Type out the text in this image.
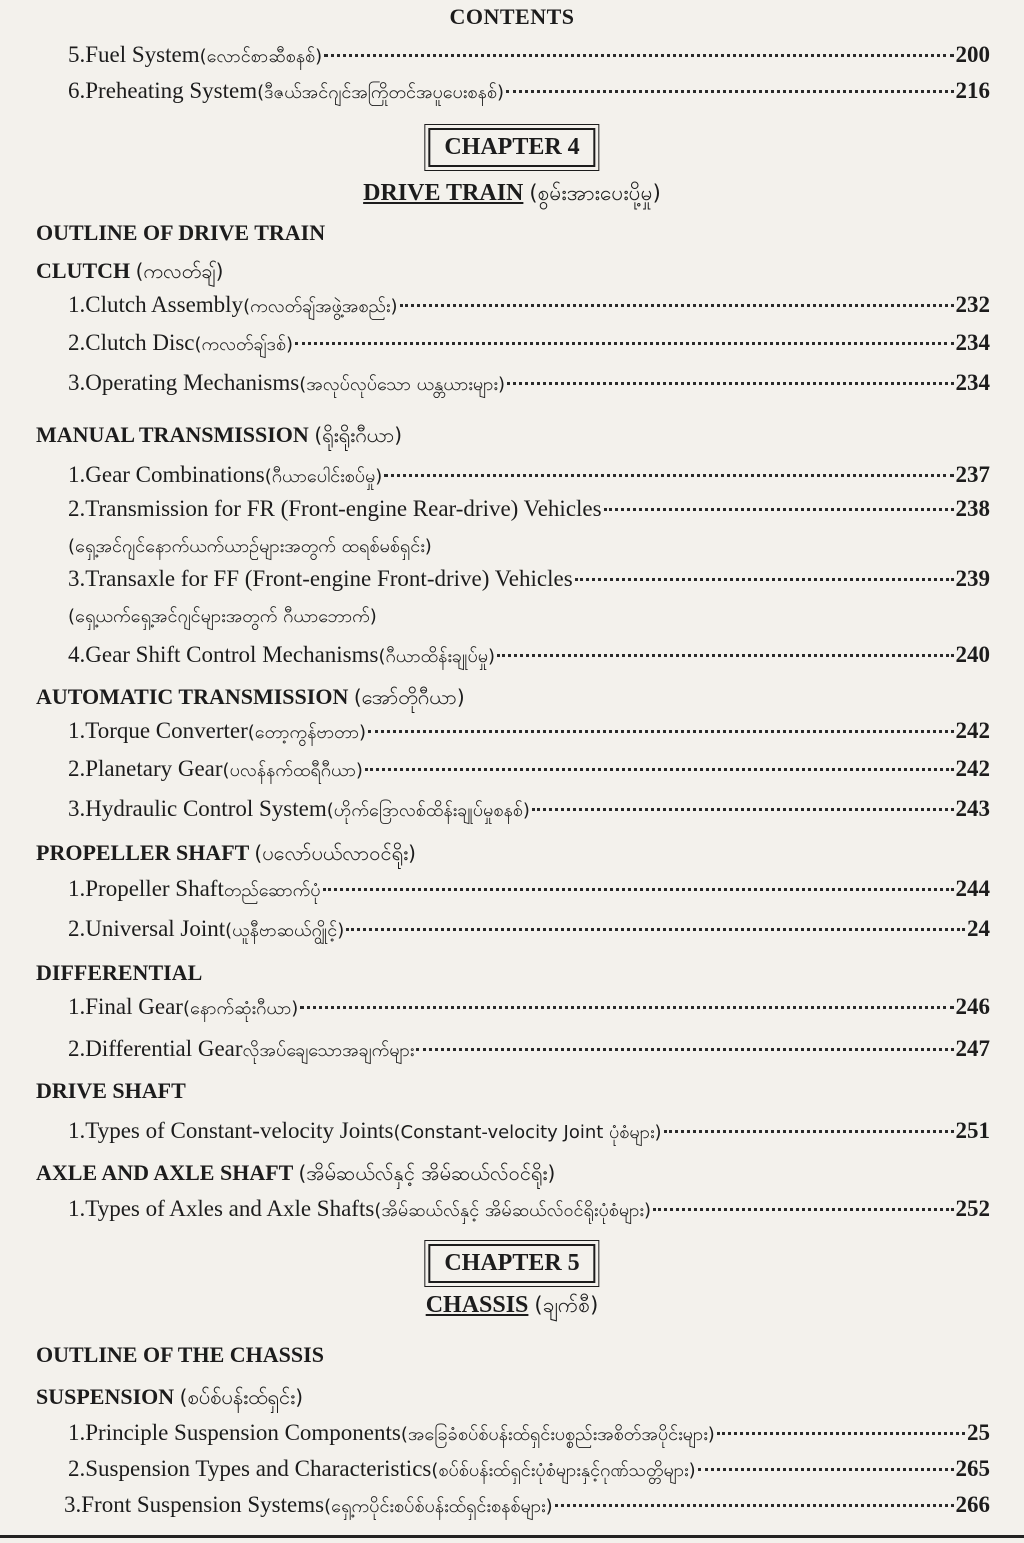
CONTENTS
5.Fuel System (လောင်စာဆီစနစ်)	200
6.Preheating System (ဒီဇယ်အင်ဂျင်အကြိုတင်အပူပေးစနစ်)	216
CHAPTER 4
DRIVE TRAIN (စွမ်းအားပေးပို့မှု)
OUTLINE OF DRIVE TRAIN
CLUTCH (ကလတ်ချ်)
1.Clutch Assembly (ကလတ်ချ်အဖွဲ့အစည်း)	232
2.Clutch Disc (ကလတ်ချ်ဒစ်)	234
3.Operating Mechanisms (အလုပ်လုပ်သော ယန္တယားများ)	234
MANUAL TRANSMISSION (ရိုးရိုးဂီယာ)
1.Gear Combinations (ဂီယာပေါင်းစပ်မှု)	237
2.Transmission for FR (Front-engine Rear-drive) Vehicles	238
(ရှေ့အင်ဂျင်နောက်ယက်ယာဉ်များအတွက် ထရစ်မစ်ရှင်း)
3.Transaxle for FF (Front-engine Front-drive) Vehicles	239
(ရှေ့ယက်ရှေ့အင်ဂျင်များအတွက် ဂီယာဘောက်)
4.Gear Shift Control Mechanisms (ဂီယာထိန်းချုပ်မှု)	240
AUTOMATIC TRANSMISSION (အော်တိုဂီယာ)
1.Torque Converter (တော့ကွန်ဗာတာ)	242
2.Planetary Gear (ပလန်နက်ထရီဂီယာ)	242
3.Hydraulic Control System (ဟိုက်ဒြောလစ်ထိန်းချုပ်မှုစနစ်)	243
PROPELLER SHAFT (ပလော်ပယ်လာဝင်ရိုး)
1.Propeller Shaft တည်ဆောက်ပုံ	244
2.Universal Joint (ယူနီဗာဆယ်ဂျွိုင့်)	24
DIFFERENTIAL
1.Final Gear (နောက်ဆုံးဂီယာ)	246
2.Differential Gear လိုအပ်ချေသောအချက်များ	247
DRIVE SHAFT
1.Types of Constant-velocity Joints (Constant-velocity Joint ပုံစံများ)	251
AXLE AND AXLE SHAFT (အိမ်ဆယ်လ်နှင့် အိမ်ဆယ်လ်ဝင်ရိုး)
1.Types of Axles and Axle Shafts (အိမ်ဆယ်လ်နှင့် အိမ်ဆယ်လ်ဝင်ရိုးပုံစံများ)	252
CHAPTER 5
CHASSIS (ချက်စီ)
OUTLINE OF THE CHASSIS
SUSPENSION (စပ်စ်ပန်းထ်ရှင်း)
1.Principle Suspension Components (အခြေခံစပ်စ်ပန်းထ်ရှင်းပစ္စည်းအစိတ်အပိုင်းများ)	25
2.Suspension Types and Characteristics (စပ်စ်ပန်းထ်ရှင်းပုံစံများနှင့်ဂုဏ်သတ္တိများ)	265
3.Front Suspension Systems (ရှေ့ကပိုင်းစပ်စ်ပန်းထ်ရှင်းစနစ်များ)	266
